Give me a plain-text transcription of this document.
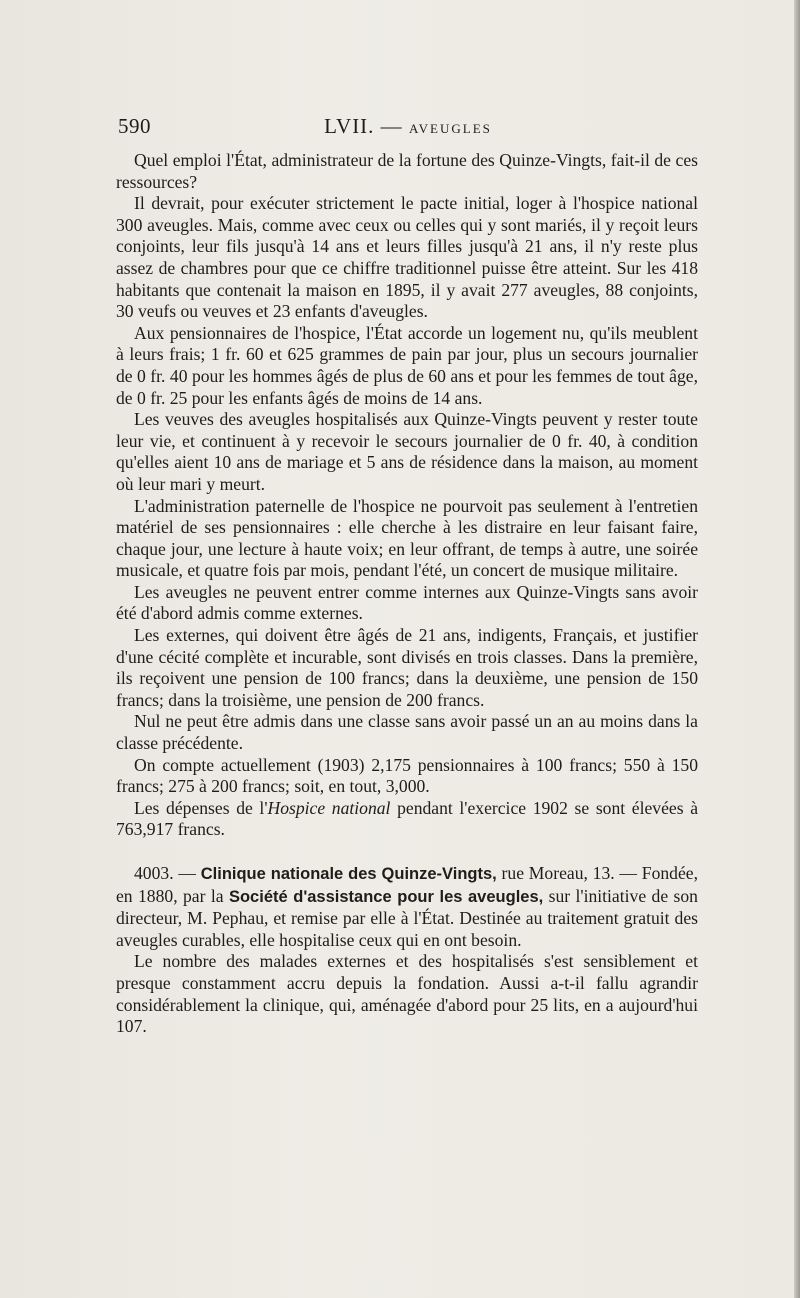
590	LVII. — AVEUGLES

Quel emploi l'État, administrateur de la fortune des Quinze-Vingts, fait-il de ces ressources?

Il devrait, pour exécuter strictement le pacte initial, loger à l'hospice national 300 aveugles. Mais, comme avec ceux ou celles qui y sont mariés, il y reçoit leurs conjoints, leur fils jusqu'à 14 ans et leurs filles jusqu'à 21 ans, il n'y reste plus assez de chambres pour que ce chiffre traditionnel puisse être atteint. Sur les 418 habitants que contenait la maison en 1895, il y avait 277 aveugles, 88 conjoints, 30 veufs ou veuves et 23 enfants d'aveugles.

Aux pensionnaires de l'hospice, l'État accorde un logement nu, qu'ils meublent à leurs frais; 1 fr. 60 et 625 grammes de pain par jour, plus un secours journalier de 0 fr. 40 pour les hommes âgés de plus de 60 ans et pour les femmes de tout âge, de 0 fr. 25 pour les enfants âgés de moins de 14 ans.

Les veuves des aveugles hospitalisés aux Quinze-Vingts peuvent y rester toute leur vie, et continuent à y recevoir le secours journalier de 0 fr. 40, à condition qu'elles aient 10 ans de mariage et 5 ans de résidence dans la maison, au moment où leur mari y meurt.

L'administration paternelle de l'hospice ne pourvoit pas seulement à l'entretien matériel de ses pensionnaires : elle cherche à les distraire en leur faisant faire, chaque jour, une lecture à haute voix; en leur offrant, de temps à autre, une soirée musicale, et quatre fois par mois, pendant l'été, un concert de musique militaire.

Les aveugles ne peuvent entrer comme internes aux Quinze-Vingts sans avoir été d'abord admis comme externes.

Les externes, qui doivent être âgés de 21 ans, indigents, Français, et justifier d'une cécité complète et incurable, sont divisés en trois classes. Dans la première, ils reçoivent une pension de 100 francs; dans la deuxième, une pension de 150 francs; dans la troisième, une pension de 200 francs.

Nul ne peut être admis dans une classe sans avoir passé un an au moins dans la classe précédente.

On compte actuellement (1903) 2,175 pensionnaires à 100 francs; 550 à 150 francs; 275 à 200 francs; soit, en tout, 3,000.

Les dépenses de l'Hospice national pendant l'exercice 1902 se sont élevées à 763,917 francs.

4003. — Clinique nationale des Quinze-Vingts, rue Moreau, 13. — Fondée, en 1880, par la Société d'assistance pour les aveugles, sur l'initiative de son directeur, M. Pephau, et remise par elle à l'État. Destinée au traitement gratuit des aveugles curables, elle hospitalise ceux qui en ont besoin.

Le nombre des malades externes et des hospitalisés s'est sensiblement et presque constamment accru depuis la fondation. Aussi a-t-il fallu agrandir considérablement la clinique, qui, aménagée d'abord pour 25 lits, en a aujourd'hui 107.
